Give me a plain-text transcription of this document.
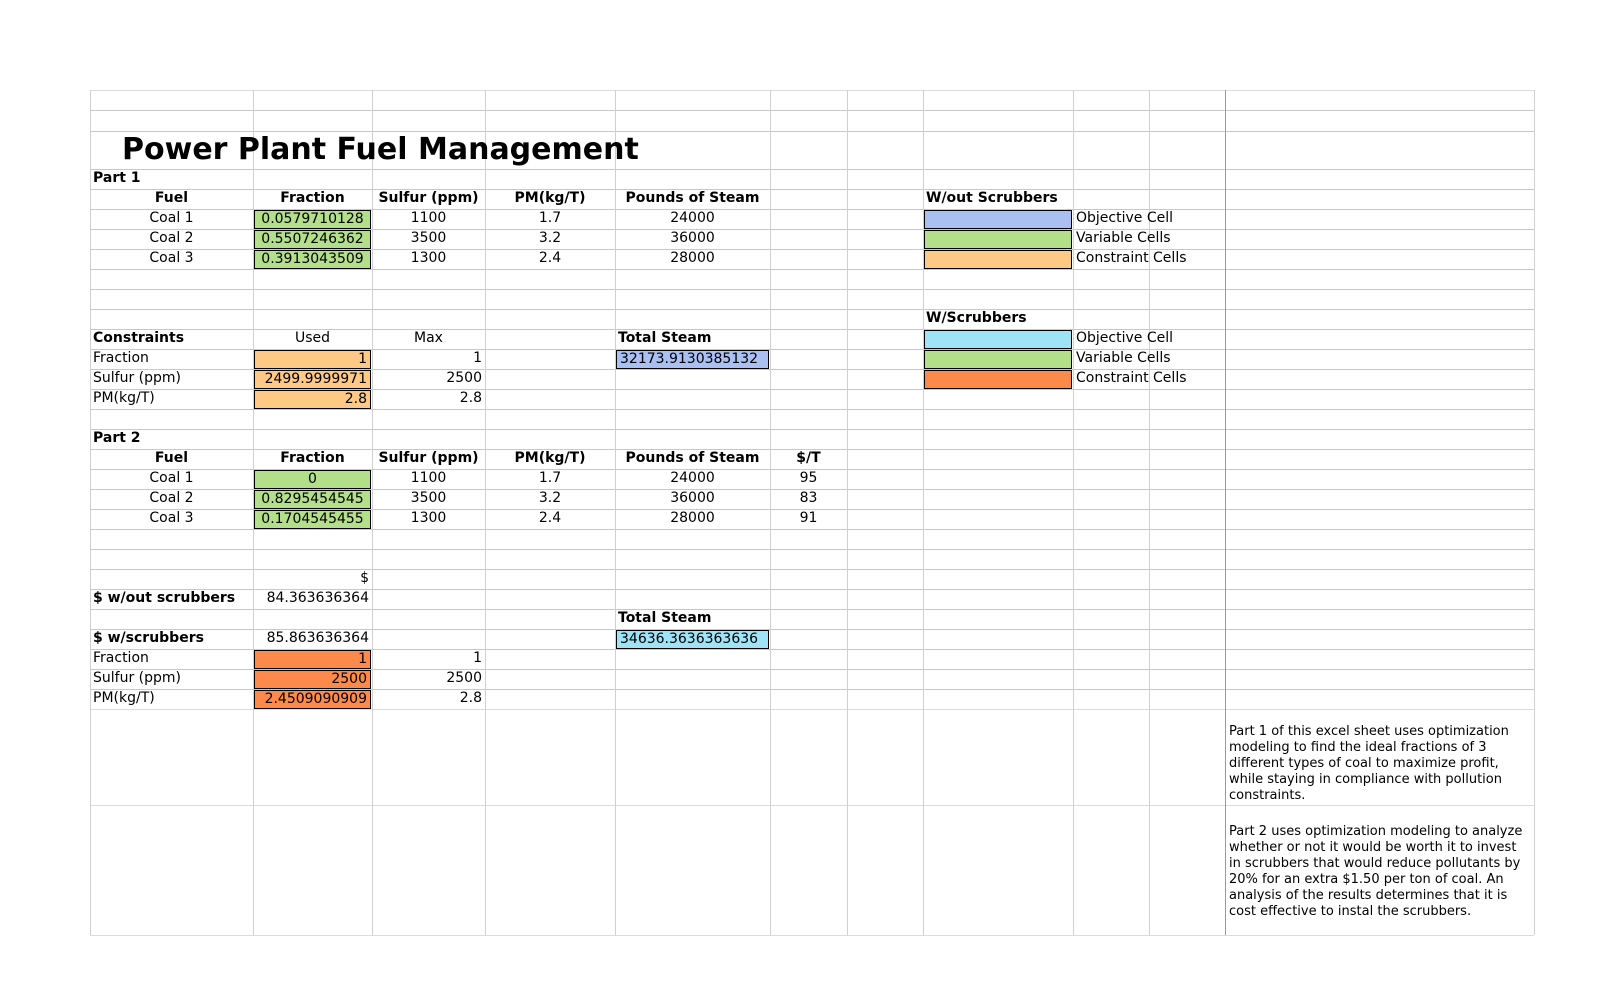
Power Plant Fuel Management
Part 1
Fuel	Fraction	Sulfur (ppm)	PM(kg/T)	Pounds of Steam
Coal 1	0.0579710128	1100	1.7	24000
Coal 2	0.5507246362	3500	3.2	36000
Coal 3	0.3913043509	1300	2.4	28000
Constraints	Used	Max
Fraction	1	1
Sulfur (ppm)	2499.9999971	2500
PM(kg/T)	2.8	2.8
Total Steam
32173.9130385132
W/out Scrubbers
Objective Cell
Variable Cells
Constraint Cells
W/Scrubbers
Objective Cell
Variable Cells
Constraint Cells
Part 2
Fuel	Fraction	Sulfur (ppm)	PM(kg/T)	Pounds of Steam	$/T
Coal 1	0	1100	1.7	24000	95
Coal 2	0.8295454545	3500	3.2	36000	83
Coal 3	0.1704545455	1300	2.4	28000	91
$
$ w/out scrubbers	84.363636364
Total Steam
$ w/scrubbers	85.863636364	34636.3636363636
Fraction	1	1
Sulfur (ppm)	2500	2500
PM(kg/T)	2.4509090909	2.8
Part 1 of this excel sheet uses optimization modeling to find the ideal fractions of 3 different types of coal to maximize profit, while staying in compliance with pollution constraints.
Part 2 uses optimization modeling to analyze whether or not it would be worth it to invest in scrubbers that would reduce pollutants by 20% for an extra $1.50 per ton of coal. An analysis of the results determines that it is cost effective to instal the scrubbers.
